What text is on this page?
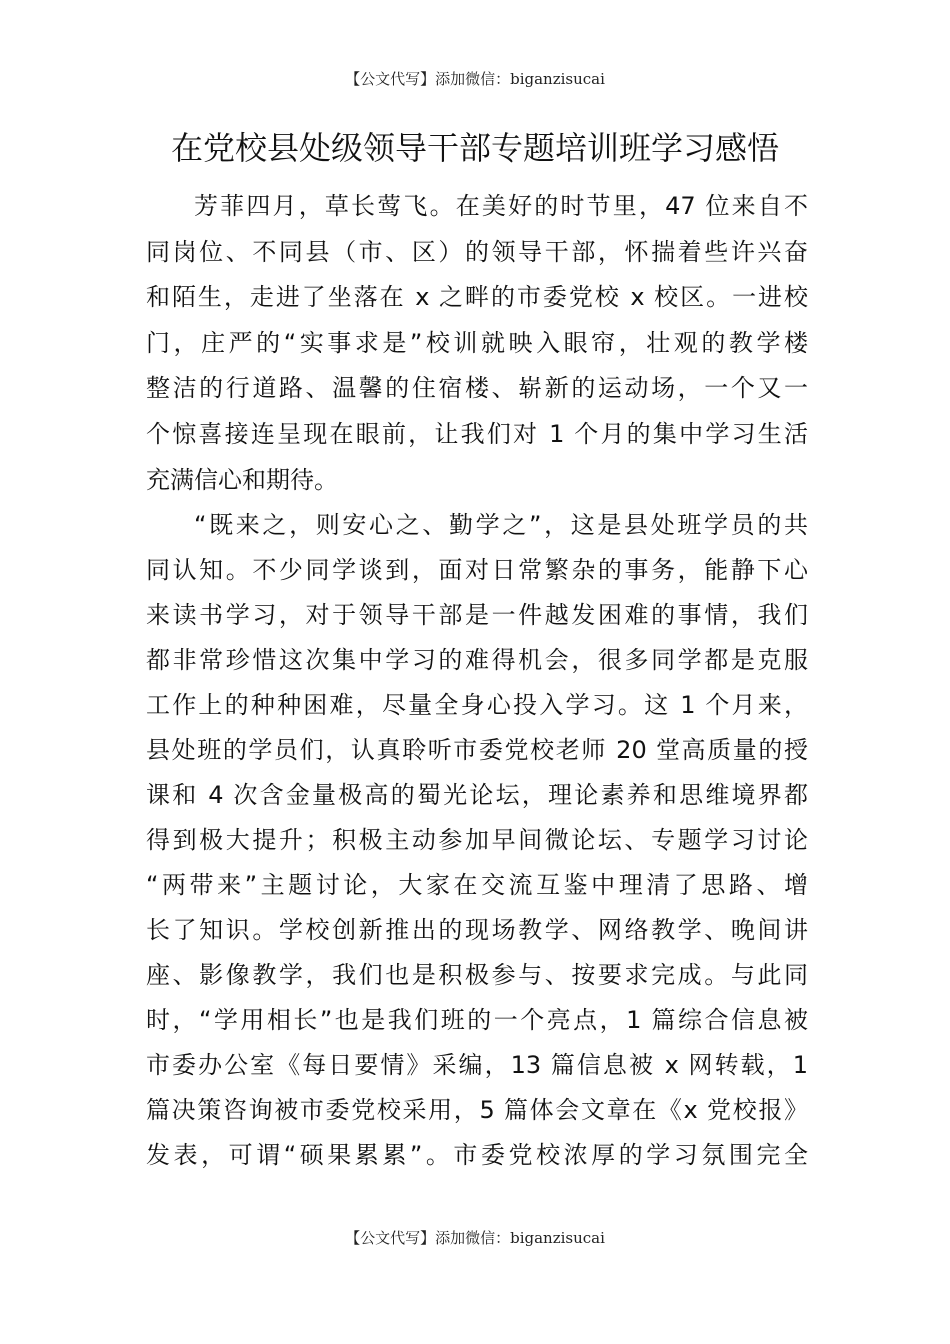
【公文代写】添加微信：biganzisucai
在党校县处级领导干部专题培训班学习感悟
芳菲四月，草长莺飞。在美好的时节里，47 位来自不
同岗位、不同县（市、区）的领导干部，怀揣着些许兴奋
和陌生，走进了坐落在 x 之畔的市委党校 x 校区。一进校
门，庄严的“实事求是”校训就映入眼帘，壮观的教学楼
整洁的行道路、温馨的住宿楼、崭新的运动场，一个又一
个惊喜接连呈现在眼前，让我们对 1 个月的集中学习生活
充满信心和期待。
“既来之，则安心之、勤学之”，这是县处班学员的共
同认知。不少同学谈到，面对日常繁杂的事务，能静下心
来读书学习，对于领导干部是一件越发困难的事情，我们
都非常珍惜这次集中学习的难得机会，很多同学都是克服
工作上的种种困难，尽量全身心投入学习。这 1 个月来，
县处班的学员们，认真聆听市委党校老师 20 堂高质量的授
课和 4 次含金量极高的蜀光论坛，理论素养和思维境界都
得到极大提升；积极主动参加早间微论坛、专题学习讨论
“两带来”主题讨论，大家在交流互鉴中理清了思路、增
长了知识。学校创新推出的现场教学、网络教学、晚间讲
座、影像教学，我们也是积极参与、按要求完成。与此同
时，“学用相长”也是我们班的一个亮点，1 篇综合信息被
市委办公室《每日要情》采编，13 篇信息被 x 网转载，1
篇决策咨询被市委党校采用，5 篇体会文章在《x 党校报》
发表，可谓“硕果累累”。市委党校浓厚的学习氛围完全
【公文代写】添加微信：biganzisucai
